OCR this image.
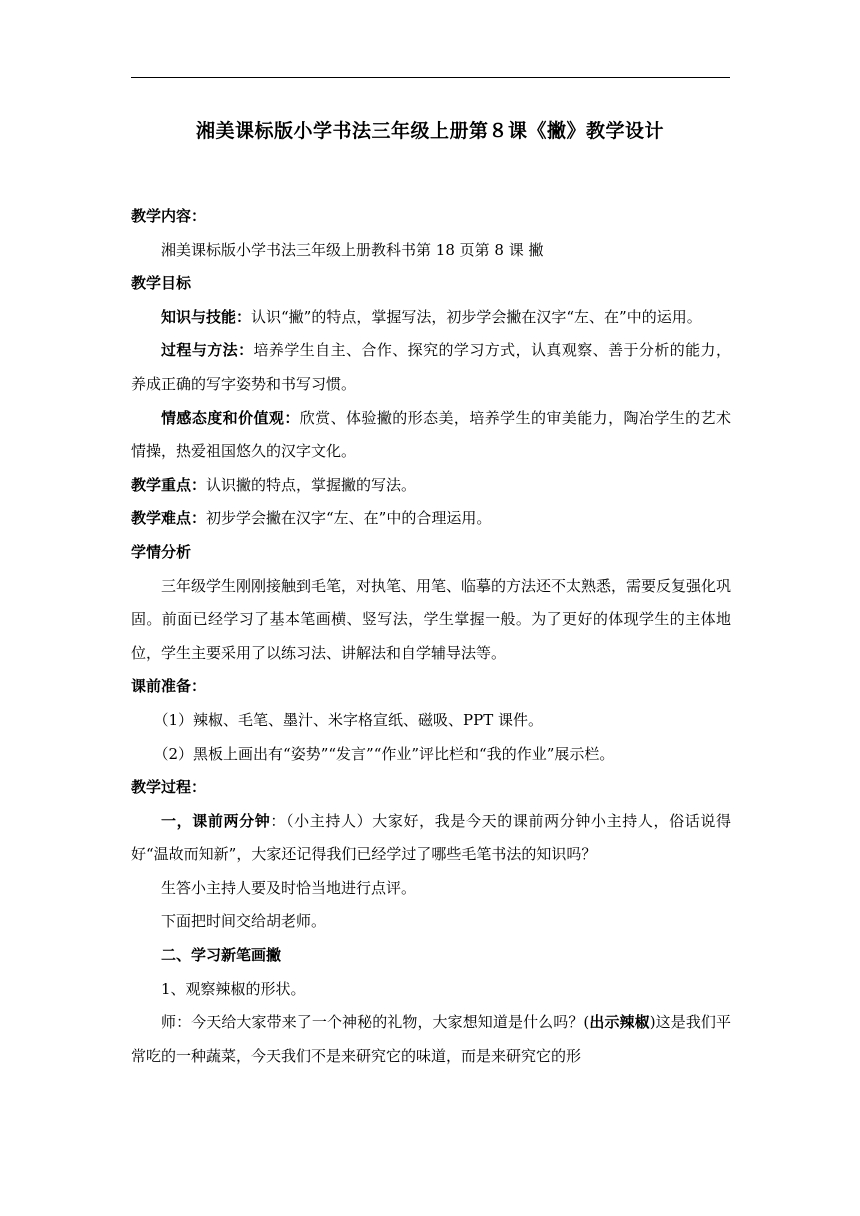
湘美课标版小学书法三年级上册第８课《撇》教学设计

教学内容：

湘美课标版小学书法三年级上册教科书第 18 页第 8 课 撇

教学目标

知识与技能：认识“撇”的特点，掌握写法，初步学会撇在汉字“左、在”中的运用。

过程与方法：培养学生自主、合作、探究的学习方式，认真观察、善于分析的能力，养成正确的写字姿势和书写习惯。

情感态度和价值观：欣赏、体验撇的形态美，培养学生的审美能力，陶冶学生的艺术情操，热爱祖国悠久的汉字文化。

教学重点：认识撇的特点，掌握撇的写法。

教学难点：初步学会撇在汉字“左、在”中的合理运用。

学情分析

三年级学生刚刚接触到毛笔，对执笔、用笔、临摹的方法还不太熟悉，需要反复强化巩固。前面已经学习了基本笔画横、竖写法，学生掌握一般。为了更好的体现学生的主体地位，学生主要采用了以练习法、讲解法和自学辅导法等。

课前准备：

（1）辣椒、毛笔、墨汁、米字格宣纸、磁吸、PPT 课件。

（2）黑板上画出有“姿势”“发言”“作业”评比栏和“我的作业”展示栏。

教学过程：

一，课前两分钟：（小主持人）大家好，我是今天的课前两分钟小主持人，俗话说得好“温故而知新”，大家还记得我们已经学过了哪些毛笔书法的知识吗？

生答小主持人要及时恰当地进行点评。

下面把时间交给胡老师。

二、学习新笔画撇

1、观察辣椒的形状。

师：今天给大家带来了一个神秘的礼物，大家想知道是什么吗？(出示辣椒)这是我们平常吃的一种蔬菜，今天我们不是来研究它的味道，而是来研究它的形
